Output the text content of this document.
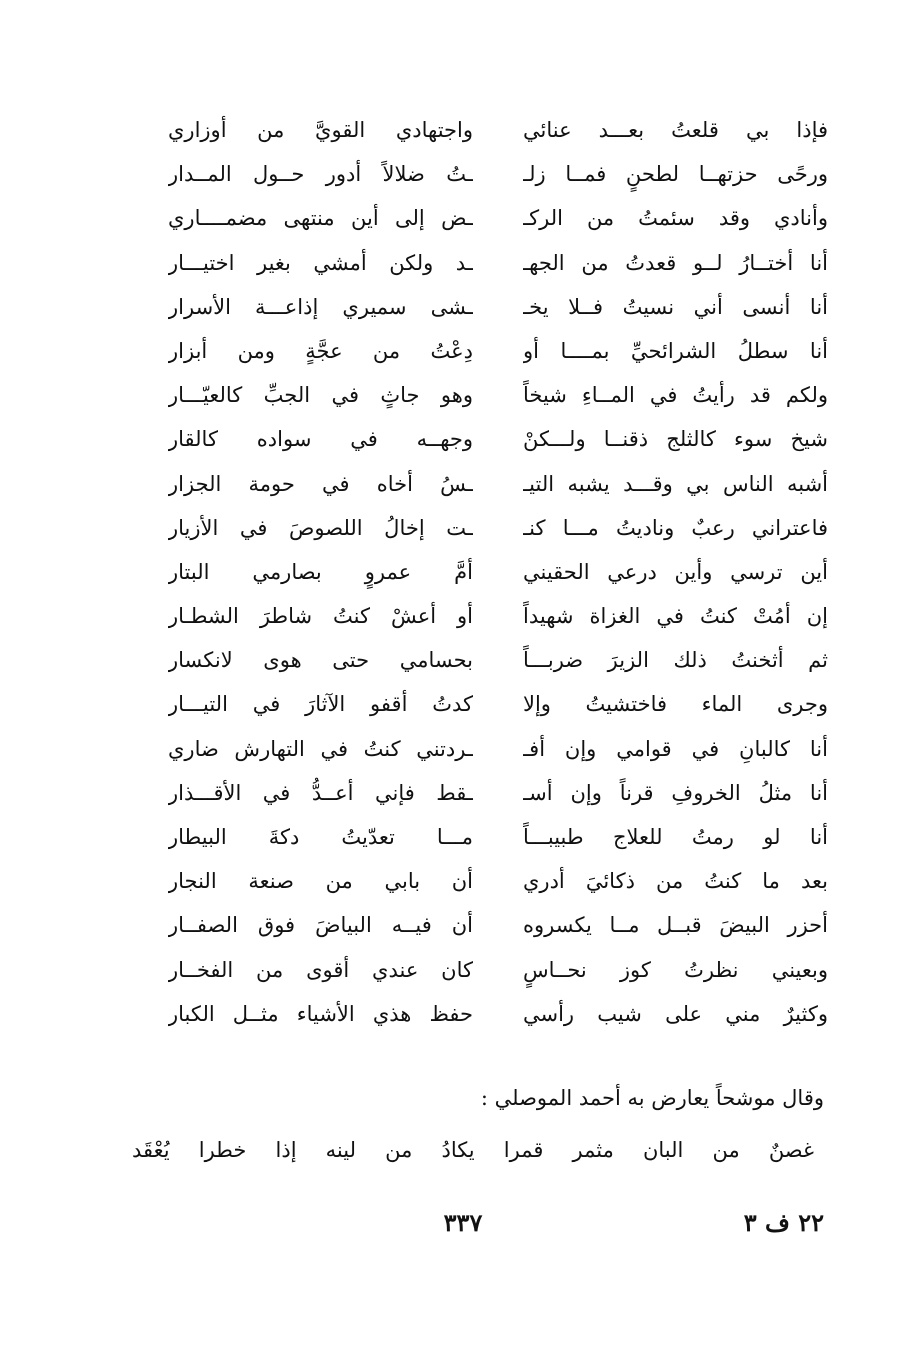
فإذا بي قلعتُ بعـــد عنائي
واجتهادي القويَّ من أوزاري
ورحًى حزتهــا لطحنٍ فمــا زلـ
ـتُ ضلالاً أدور حــول المــدار
وأنادي وقد سئمتُ من الركـ
ـض إلى أين منتهى مضمــــاري
أنا أختــارُ لــو قعدتُ من الجهـ
ـد ولكن أمشي بغير اختيـــار
أنا أنسى أني نسيتُ فــلا يخـ
ـشى سميري إذاعـــة الأسرار
أنا سطلُ الشرائحيِّ بمــــا أو
دِعْتُ من عجَّةٍ ومن أبزار
ولكم قد رأيتُ في المــاءِ شيخاً
وهو جاثٍ في الجبِّ كالعيّـــار
شيخ سوء كالثلج ذقنــا ولـــكنْ
وجهــه في سواده كالقار
أشبه الناس بي وقـــد يشبه التيـ
ـسُ أخاه في حومة الجزار
فاعتراني رعبٌ وناديتُ مـــا كنـ
ـت إخالُ اللصوصَ في الأزيار
أين ترسي وأين درعي الحقيني
أمَّ عمروٍ بصارمي البتار
إن أمُتْ كنتُ في الغزاة شهيداً
أو أعشْ كنتُ شاطرَ الشطـار
ثم أثخنتُ ذلك الزيرَ ضربـــاً
بحسامي حتى هوى لانكسار
وجرى الماء فاختشيتُ وإلا
كدتُ أقفو الآثارَ في التيـــار
أنا كالبانِ في قوامي وإن أفـ
ـردتني كنتُ في التهارش ضاري
أنا مثلُ الخروفِ قرناً وإن أسـ
ـقط فإني أعــدُّ في الأقـــذار
أنا لو رمتُ للعلاج طبيبـــاً
مـــا تعدّيتُ دكةَ البيطار
بعد ما كنتُ من ذكائيَ أدري
أن بابي من صنعة النجار
أحزر البيضَ قبــل مــا يكسروه
أن فيــه البياضَ فوق الصفــار
وبعيني نظرتُ كوز نحــاسٍ
كان عندي أقوى من الفخــار
وكثيرٌ مني على شيب رأسي
حفظ هذي الأشياء مثــل الكبار
وقال موشحاً يعارض به أحمد الموصلي :
غصنٌ من البان مثمر قمرا يكادُ من لينه إذا خطرا يُعْقَد
٣٣٧	٢٢ ف ٣
